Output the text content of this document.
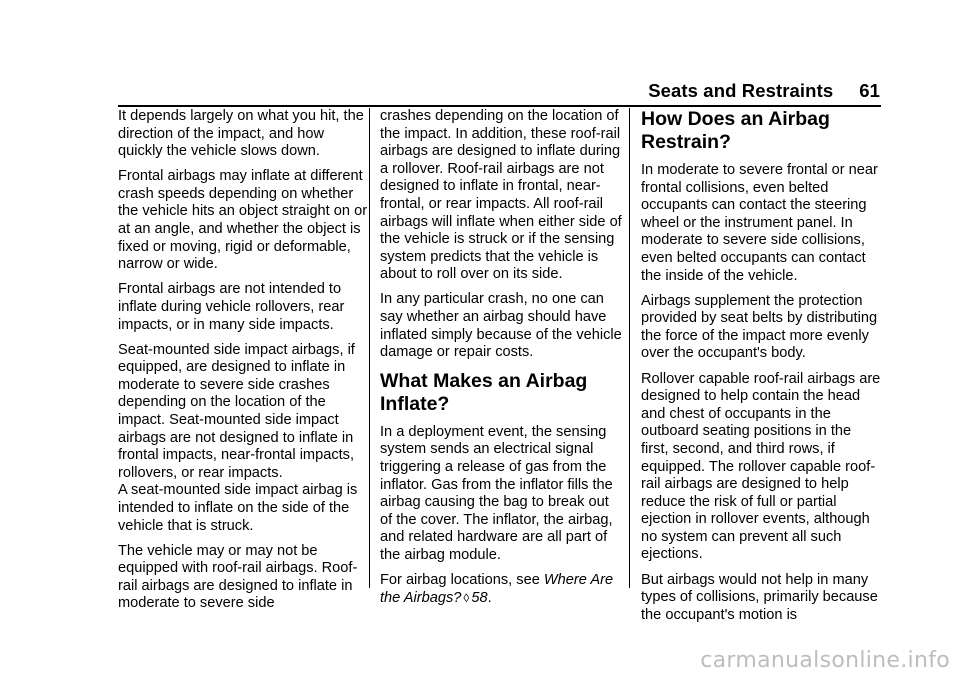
Seats and Restraints 61

It depends largely on what you hit, the direction of the impact, and how quickly the vehicle slows down.

Frontal airbags may inflate at different crash speeds depending on whether the vehicle hits an object straight on or at an angle, and whether the object is fixed or moving, rigid or deformable, narrow or wide.

Frontal airbags are not intended to inflate during vehicle rollovers, rear impacts, or in many side impacts.

Seat-mounted side impact airbags, if equipped, are designed to inflate in moderate to severe side crashes depending on the location of the impact. Seat-mounted side impact airbags are not designed to inflate in frontal impacts, near-frontal impacts, rollovers, or rear impacts.

A seat-mounted side impact airbag is intended to inflate on the side of the vehicle that is struck.

The vehicle may or may not be equipped with roof-rail airbags. Roof-rail airbags are designed to inflate in moderate to severe side

crashes depending on the location of the impact. In addition, these roof-rail airbags are designed to inflate during a rollover. Roof-rail airbags are not designed to inflate in frontal, near-frontal, or rear impacts. All roof-rail airbags will inflate when either side of the vehicle is struck or if the sensing system predicts that the vehicle is about to roll over on its side.

In any particular crash, no one can say whether an airbag should have inflated simply because of the vehicle damage or repair costs.

What Makes an Airbag Inflate?

In a deployment event, the sensing system sends an electrical signal triggering a release of gas from the inflator. Gas from the inflator fills the airbag causing the bag to break out of the cover. The inflator, the airbag, and related hardware are all part of the airbag module.

For airbag locations, see Where Are the Airbags? ◊ 58.

How Does an Airbag Restrain?

In moderate to severe frontal or near frontal collisions, even belted occupants can contact the steering wheel or the instrument panel. In moderate to severe side collisions, even belted occupants can contact the inside of the vehicle.

Airbags supplement the protection provided by seat belts by distributing the force of the impact more evenly over the occupant's body.

Rollover capable roof-rail airbags are designed to help contain the head and chest of occupants in the outboard seating positions in the first, second, and third rows, if equipped. The rollover capable roof-rail airbags are designed to help reduce the risk of full or partial ejection in rollover events, although no system can prevent all such ejections.

But airbags would not help in many types of collisions, primarily because the occupant's motion is

carmanualsonline.info
